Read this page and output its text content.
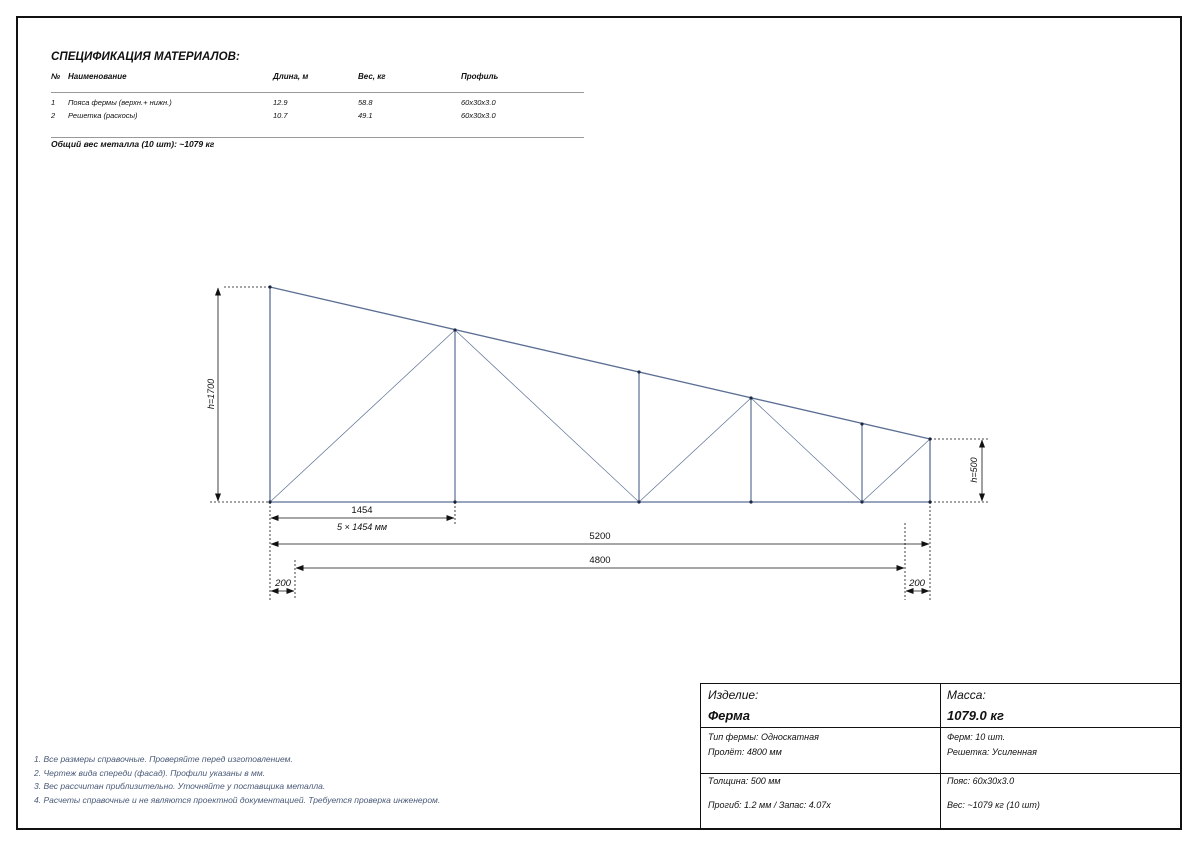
СПЕЦИФИКАЦИЯ МАТЕРИАЛОВ:
№ Наименование	Длина, м	Вес, кг	Профиль
1 Пояса фермы (верхн.+ нижн.)	12.9	58.8	60x30x3.0
2 Решетка (раскосы)	10.7	49.1	60x30x3.0
Общий вес металла (10 шт): ~1079 кг
h=1700
h=500
1454
5 × 1454 мм
5200
4800
200	200
1. Все размеры справочные. Проверяйте перед изготовлением.
2. Чертеж вида спереди (фасад). Профили указаны в мм.
3. Вес рассчитан приблизительно. Уточняйте у поставщика металла.
4. Расчеты справочные и не являются проектной документацией. Требуется проверка инженером.
Изделие:
Ферма
Масса:
1079.0 кг
Тип фермы: Односкатная
Пролёт: 4800 мм
Ферм: 10 шт.
Решетка: Усиленная
Толщина: 500 мм
Прогиб: 1.2 мм / Запас: 4.07x
Пояс: 60x30x3.0
Вес: ~1079 кг (10 шт)
